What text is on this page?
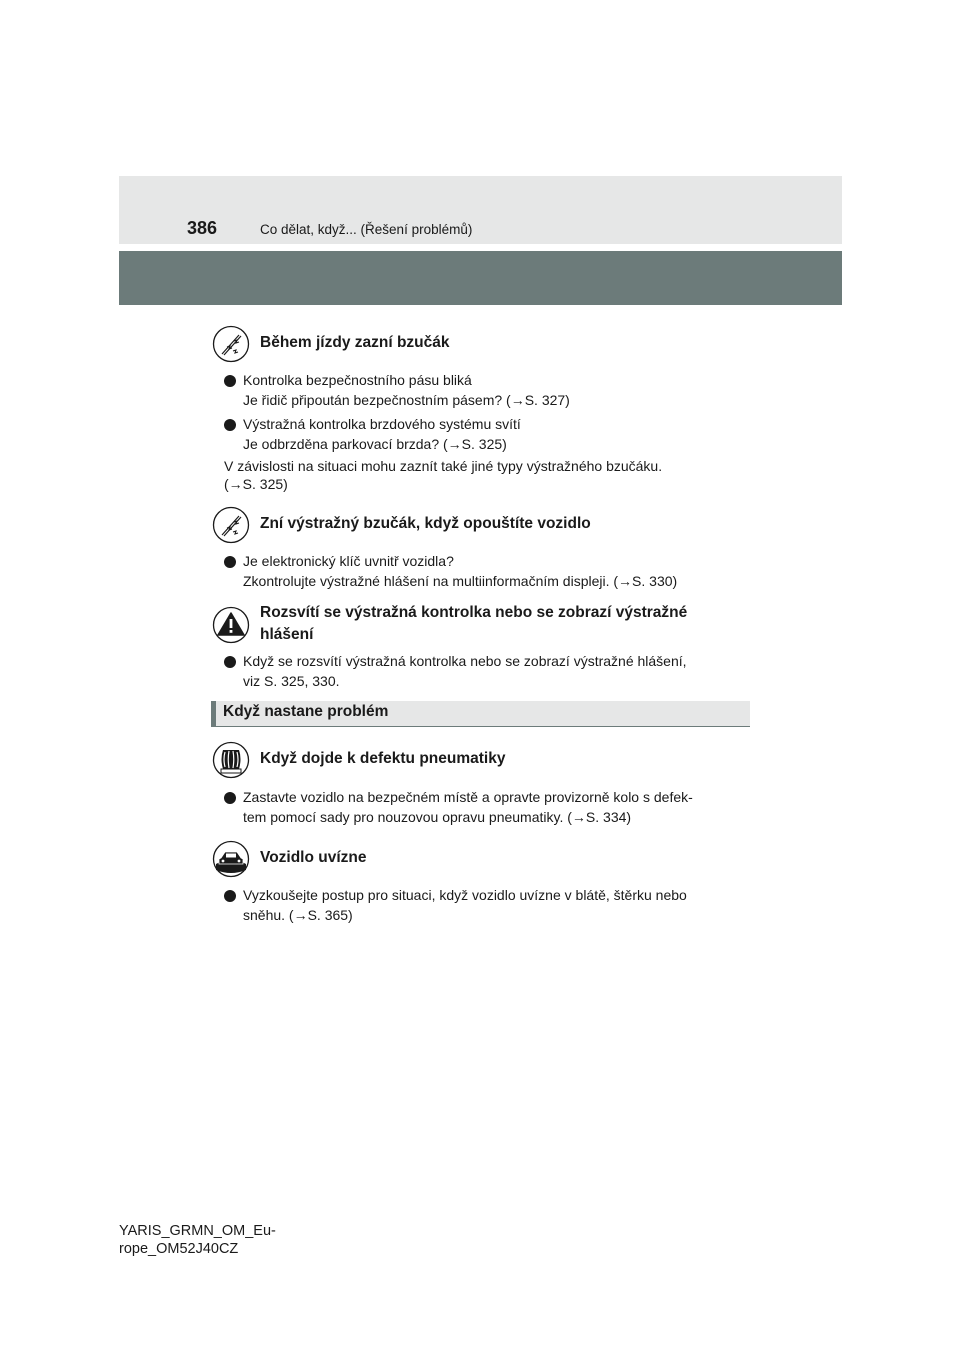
386	Co dělat, když... (Řešení problémů)
Během jízdy zazní bzučák
Kontrolka bezpečnostního pásu bliká
Je řidič připoután bezpečnostním pásem? (→S. 327)
Výstražná kontrolka brzdového systému svítí
Je odbrzděna parkovací brzda? (→S. 325)
V závislosti na situaci mohu zaznít také jiné typy výstražného bzučáku.
(→S. 325)
Zní výstražný bzučák, když opouštíte vozidlo
Je elektronický klíč uvnitř vozidla?
Zkontrolujte výstražné hlášení na multiinformačním displeji. (→S. 330)
Rozsvítí se výstražná kontrolka nebo se zobrazí výstražné
hlášení
Když se rozsvítí výstražná kontrolka nebo se zobrazí výstražné hlášení,
viz S. 325, 330.
Když nastane problém
Když dojde k defektu pneumatiky
Zastavte vozidlo na bezpečném místě a opravte provizorně kolo s defek-
tem pomocí sady pro nouzovou opravu pneumatiky. (→S. 334)
Vozidlo uvízne
Vyzkoušejte postup pro situaci, když vozidlo uvízne v blátě, štěrku nebo
sněhu. (→S. 365)
YARIS_GRMN_OM_Eu-
rope_OM52J40CZ
